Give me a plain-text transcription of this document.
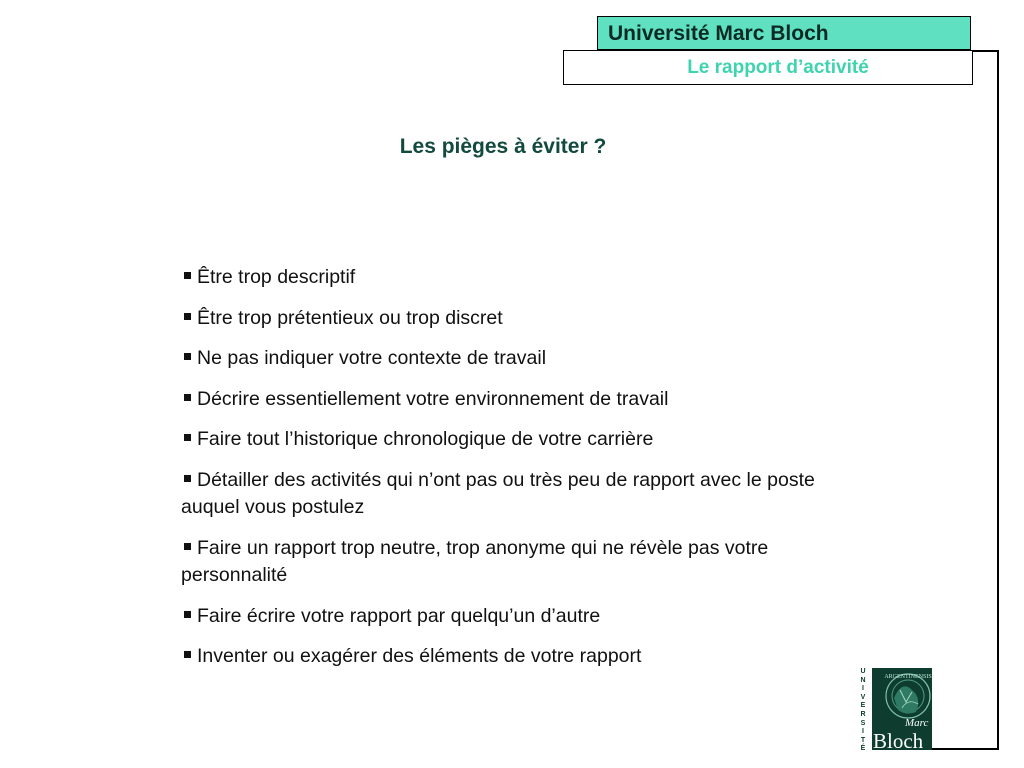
Université Marc Bloch
Le rapport d’activité
Les pièges à éviter ?
Être trop descriptif
Être trop prétentieux ou trop discret
Ne pas indiquer votre contexte de travail
Décrire essentiellement votre environnement de travail
Faire tout l’historique chronologique de votre carrière
Détailler des activités qui n’ont pas ou très peu de rapport avec le poste auquel vous postulez
Faire un rapport trop neutre, trop anonyme qui ne révèle pas votre personnalité
Faire écrire votre rapport par quelqu’un d’autre
Inventer ou exagérer des éléments de votre rapport
U
N
I
V
E
R
S
I
T
É
ARGENTINENSIS
Marc
Bloch
